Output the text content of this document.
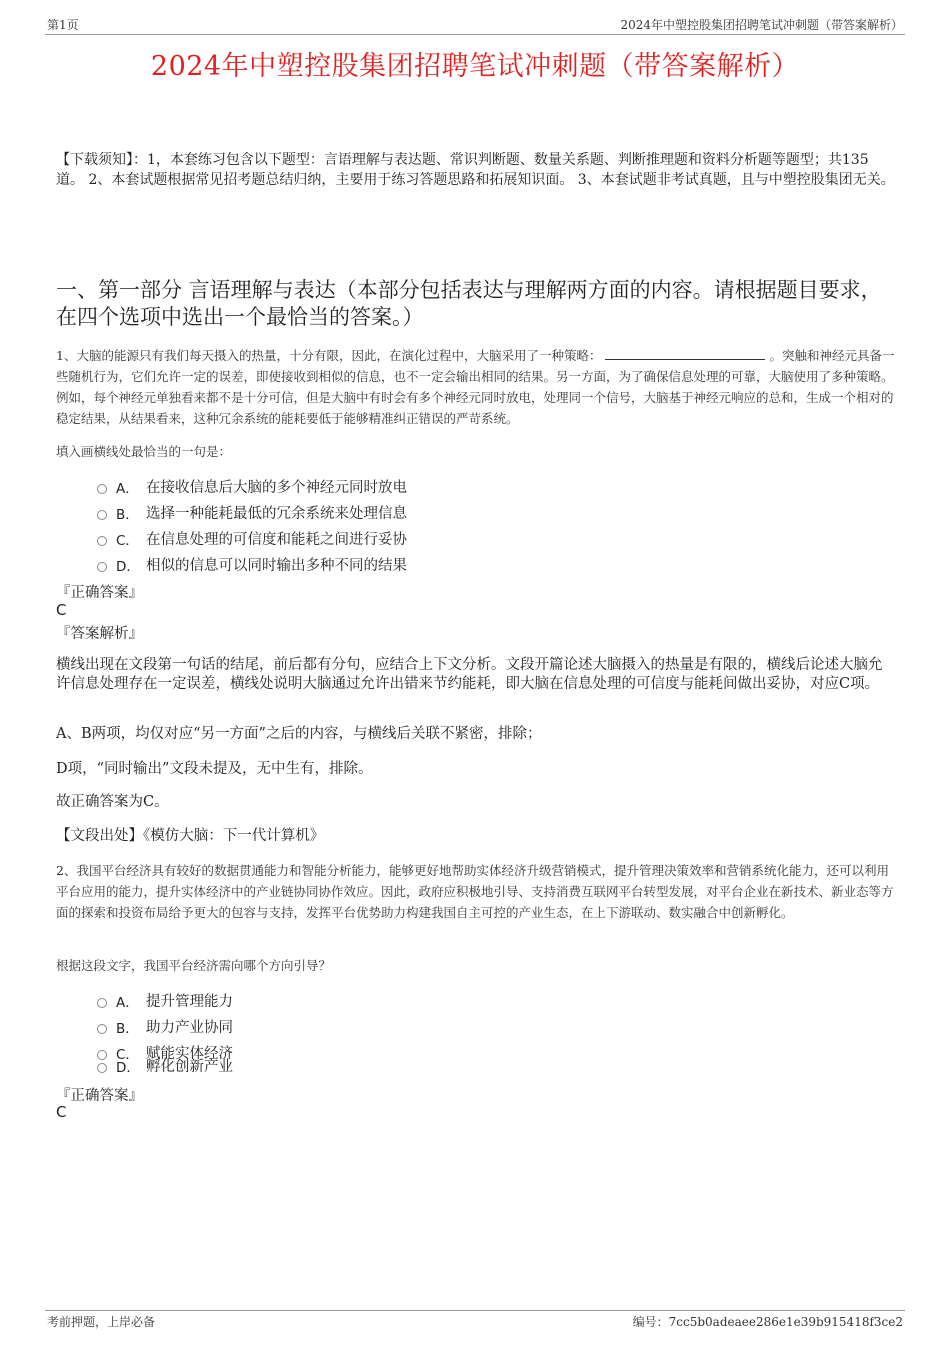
第1页	2024年中塑控股集团招聘笔试冲刺题（带答案解析）
2024年中塑控股集团招聘笔试冲刺题（带答案解析）
【下载须知】：1，本套练习包含以下题型：言语理解与表达题、常识判断题、数量关系题、判断推理题和资料分析题等题型；共135道。 2、本套试题根据常见招考题总结归纳，主要用于练习答题思路和拓展知识面。 3、本套试题非考试真题，且与中塑控股集团无关。
一、第一部分 言语理解与表达（本部分包括表达与理解两方面的内容。请根据题目要求，在四个选项中选出一个最恰当的答案。）
1、大脑的能源只有我们每天摄入的热量，十分有限，因此，在演化过程中，大脑采用了一种策略：	。突触和神经元具备一些随机行为，它们允许一定的误差，即使接收到相似的信息，也不一定会输出相同的结果。另一方面，为了确保信息处理的可靠，大脑使用了多种策略。例如，每个神经元单独看来都不是十分可信，但是大脑中有时会有多个神经元同时放电，处理同一个信号，大脑基于神经元响应的总和，生成一个相对的稳定结果，从结果看来，这种冗余系统的能耗要低于能够精准纠正错误的严苛系统。
填入画横线处最恰当的一句是：
A． 在接收信息后大脑的多个神经元同时放电
B． 选择一种能耗最低的冗余系统来处理信息
C． 在信息处理的可信度和能耗之间进行妥协
D． 相似的信息可以同时输出多种不同的结果
『正确答案』
C
『答案解析』
横线出现在文段第一句话的结尾，前后都有分句，应结合上下文分析。文段开篇论述大脑摄入的热量是有限的，横线后论述大脑允许信息处理存在一定误差，横线处说明大脑通过允许出错来节约能耗，即大脑在信息处理的可信度与能耗间做出妥协，对应C项。
A、B两项，均仅对应“另一方面”之后的内容，与横线后关联不紧密，排除；
D项，“同时输出”文段未提及，无中生有，排除。
故正确答案为C。
【文段出处】《模仿大脑：下一代计算机》
2、我国平台经济具有较好的数据贯通能力和智能分析能力，能够更好地帮助实体经济升级营销模式，提升管理决策效率和营销系统化能力，还可以利用平台应用的能力，提升实体经济中的产业链协同协作效应。因此，政府应积极地引导、支持消费互联网平台转型发展，对平台企业在新技术、新业态等方面的探索和投资布局给予更大的包容与支持，发挥平台优势助力构建我国自主可控的产业生态，在上下游联动、数实融合中创新孵化。
根据这段文字，我国平台经济需向哪个方向引导？
A． 提升管理能力
B． 助力产业协同
C． 赋能实体经济
D． 孵化创新产业
『正确答案』
C
考前押题，上岸必备	编号：7cc5b0adeaee286e1e39b915418f3ce2
